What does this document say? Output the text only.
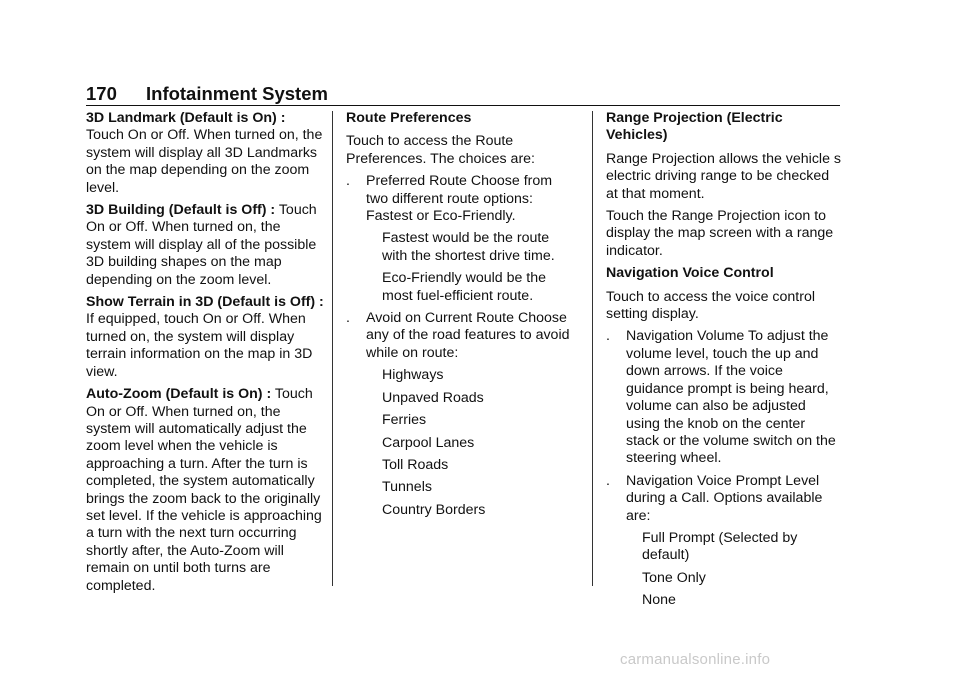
170 Infotainment System

3D Landmark (Default is On) : Touch On or Off. When turned on, the system will display all 3D Landmarks on the map depending on the zoom level.

3D Building (Default is Off) : Touch On or Off. When turned on, the system will display all of the possible 3D building shapes on the map depending on the zoom level.

Show Terrain in 3D (Default is Off) : If equipped, touch On or Off. When turned on, the system will display terrain information on the map in 3D view.

Auto-Zoom (Default is On) : Touch On or Off. When turned on, the system will automatically adjust the zoom level when the vehicle is approaching a turn. After the turn is completed, the system automatically brings the zoom back to the originally set level. If the vehicle is approaching a turn with the next turn occurring shortly after, the Auto-Zoom will remain on until both turns are completed.

Route Preferences

Touch to access the Route Preferences. The choices are:

. Preferred Route Choose from two different route options: Fastest or Eco-Friendly.

Fastest would be the route with the shortest drive time.

Eco-Friendly would be the most fuel-efficient route.

. Avoid on Current Route Choose any of the road features to avoid while on route:

Highways

Unpaved Roads

Ferries

Carpool Lanes

Toll Roads

Tunnels

Country Borders

Range Projection (Electric Vehicles)

Range Projection allows the vehicle s electric driving range to be checked at that moment.

Touch the Range Projection icon to display the map screen with a range indicator.

Navigation Voice Control

Touch to access the voice control setting display.

. Navigation Volume To adjust the volume level, touch the up and down arrows. If the voice guidance prompt is being heard, volume can also be adjusted using the knob on the center stack or the volume switch on the steering wheel.
. Navigation Voice Prompt Level during a Call. Options available are:

Full Prompt (Selected by default)

Tone Only

None

carmanualsonline.info
